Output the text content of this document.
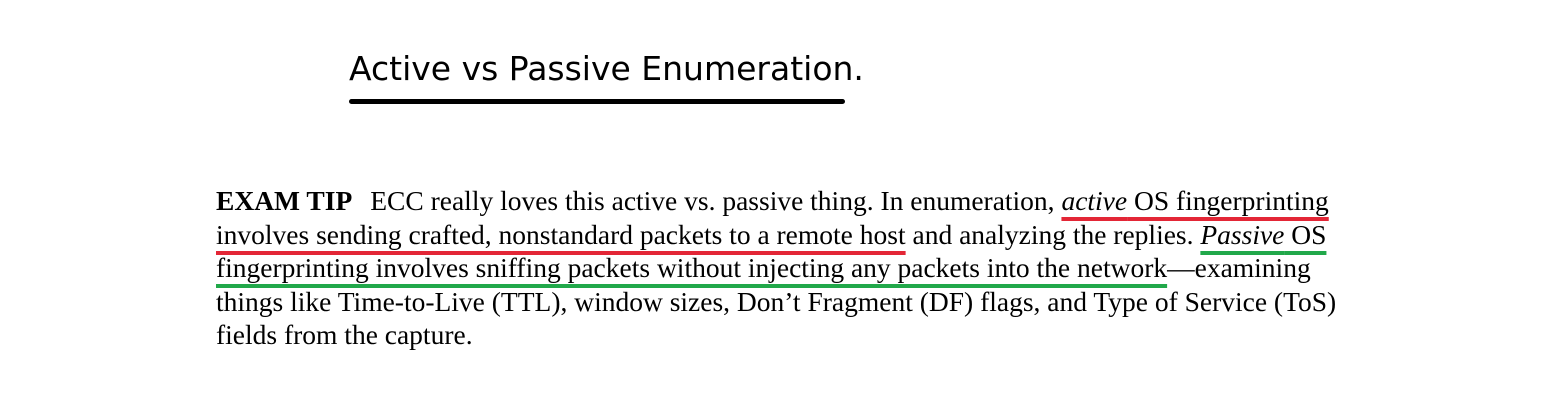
Active vs Passive Enumeration.

EXAM TIP ECC really loves this active vs. passive thing. In enumeration, active OS fingerprinting involves sending crafted, nonstandard packets to a remote host and analyzing the replies. Passive OS fingerprinting involves sniffing packets without injecting any packets into the network—examining things like Time-to-Live (TTL), window sizes, Don’t Fragment (DF) flags, and Type of Service (ToS) fields from the capture.
